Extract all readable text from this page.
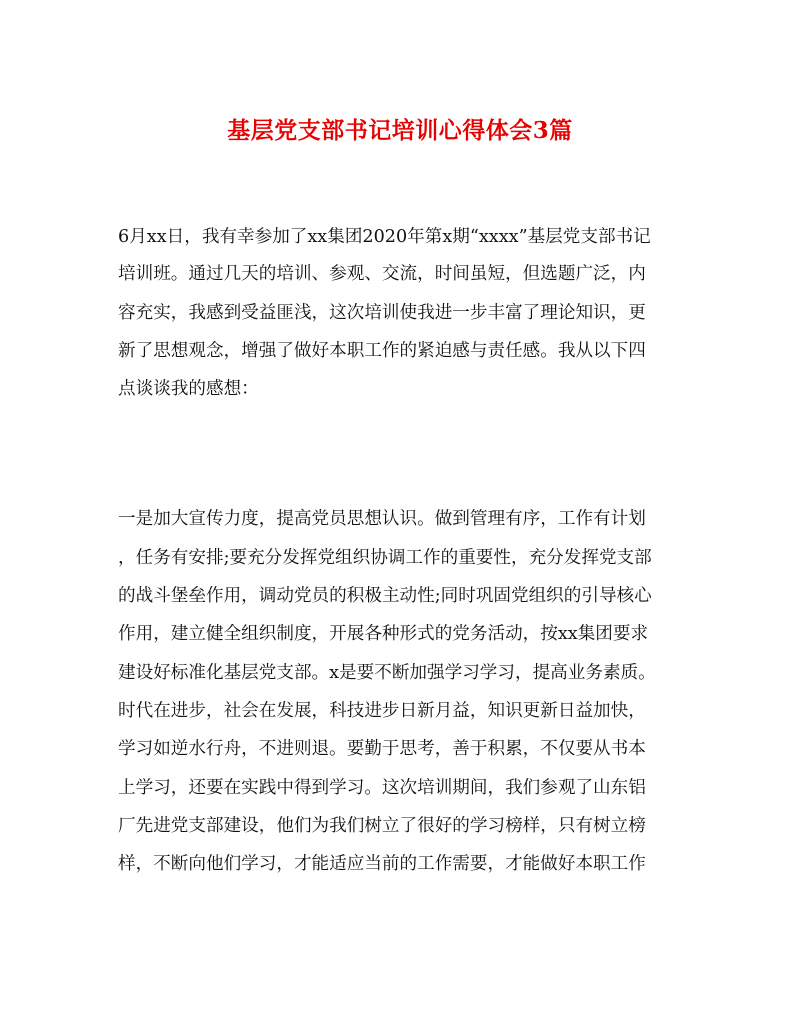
基层党支部书记培训心得体会3篇
6月xx日，我有幸参加了xx集团2020年第x期“xxxx”基层党支部书记
培训班。通过几天的培训、参观、交流，时间虽短，但选题广泛，内
容充实，我感到受益匪浅，这次培训使我进一步丰富了理论知识，更
新了思想观念，增强了做好本职工作的紧迫感与责任感。我从以下四
点谈谈我的感想：
一是加大宣传力度，提高党员思想认识。做到管理有序，工作有计划
，任务有安排;要充分发挥党组织协调工作的重要性，充分发挥党支部
的战斗堡垒作用，调动党员的积极主动性;同时巩固党组织的引导核心
作用，建立健全组织制度，开展各种形式的党务活动，按xx集团要求
建设好标准化基层党支部。x是要不断加强学习学习，提高业务素质。
时代在进步，社会在发展，科技进步日新月益，知识更新日益加快，
学习如逆水行舟，不进则退。要勤于思考，善于积累，不仅要从书本
上学习，还要在实践中得到学习。这次培训期间，我们参观了山东铝
厂先进党支部建设，他们为我们树立了很好的学习榜样，只有树立榜
样，不断向他们学习，才能适应当前的工作需要，才能做好本职工作
